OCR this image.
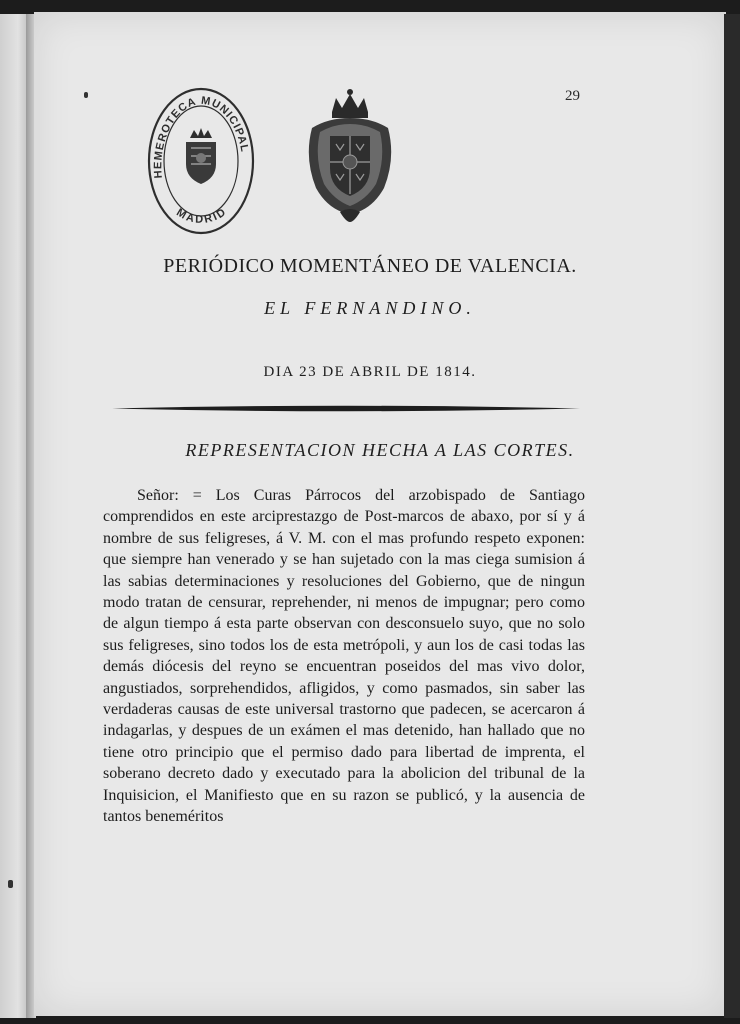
29
HEMEROTECA MUNICIPAL
MADRID
PERIÓDICO MOMENTÁNEO DE VALENCIA.
EL FERNANDINO.
DIA 23 DE ABRIL DE 1814.
REPRESENTACION HECHA A LAS CORTES.

Señor: = Los Curas Párrocos del arzobispado de Santiago comprendidos en este arciprestazgo de Post-marcos de abaxo, por sí y á nombre de sus feligreses, á V. M. con el mas profundo respeto exponen: que siempre han venerado y se han sujetado con la mas ciega sumision á las sabias determinaciones y resoluciones del Gobierno, que de ningun modo tratan de censurar, reprehender, ni menos de impugnar; pero como de algun tiempo á esta parte observan con desconsuelo suyo, que no solo sus feligreses, sino todos los de esta metrópoli, y aun los de casi todas las demás diócesis del reyno se encuentran poseidos del mas vivo dolor, angustiados, sorprehendidos, afligidos, y como pasmados, sin saber las verdaderas causas de este universal trastorno que padecen, se acercaron á indagarlas, y despues de un exámen el mas detenido, han hallado que no tiene otro principio que el permiso dado para libertad de imprenta, el soberano decreto dado y executado para la abolicion del tribunal de la Inquisicion, el Manifiesto que en su razon se publicó, y la ausencia de tantos beneméritos
